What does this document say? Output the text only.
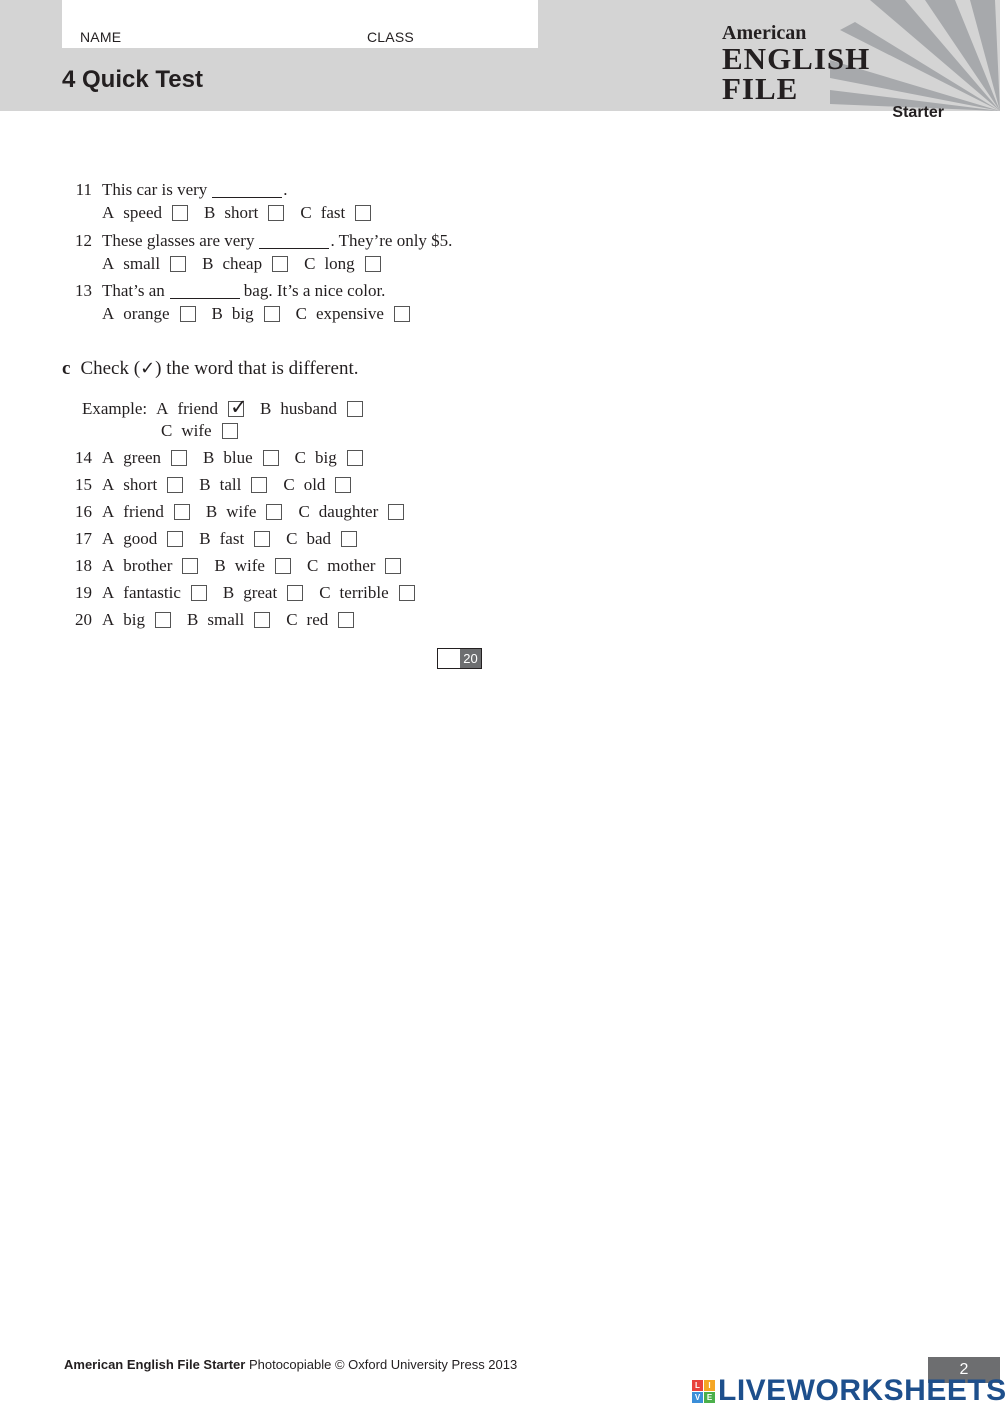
NAME	CLASS
4 Quick Test
American
ENGLISH FILE
Starter
11 This car is very	.
A speed B short C fast
12 These glasses are very	. They’re only $5.
A small B cheap C long
13 That’s an	bag. It’s a nice color.
A orange B big C expensive
c Check (✓) the word that is different.
Example: A friend ✓ B husband
C wife
14 A green B blue C big
15 A short B tall C old
16 A friend B wife C daughter
17 A good B fast C bad
18 A brother B wife C mother
19 A fantastic B great C terrible
20 A big B small C red
20
American English File Starter Photocopiable © Oxford University Press 2013	2
L	I
V E LIVEWORKSHEETS
